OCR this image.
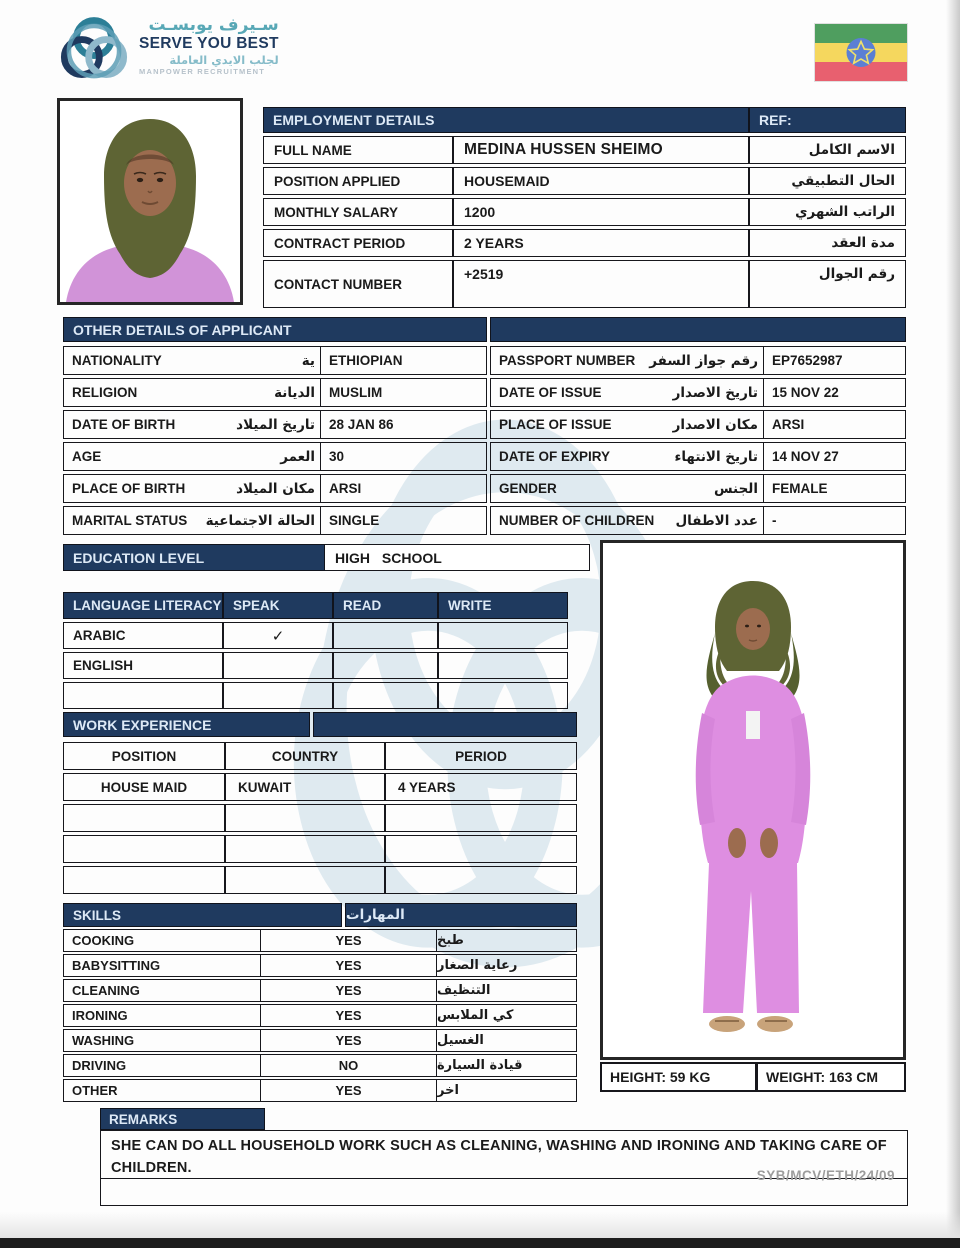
سـيرف يوبسـت
SERVE YOU BEST
لجلب الايدي العاملة
MANPOWER RECRUITMENT
EMPLOYMENT DETAILS		REF:
FULL NAME	MEDINA HUSSEN SHEIMO	الاسم الكامل
POSITION APPLIED	HOUSEMAID	الحال التطبيقي
MONTHLY SALARY	1200	الراتب الشهري
CONTRACT PERIOD	2 YEARS	مدة العقد
CONTACT NUMBER	+2519	رقم الجوال
OTHER DETAILS OF APPLICANT
NATIONALITY	ية	ETHIOPIAN
RELIGION	الديانة	MUSLIM
DATE OF BIRTH	تاريخ الميلاد	28 JAN 86
AGE	العمر	30
PLACE OF BIRTH	مكان الميلاد	ARSI
MARITAL STATUS الحالة الاجتماعية	SINGLE
PASSPORT NUMBER رقم جواز السفر	EP7652987
DATE OF ISSUE	تاريخ الاصدار	15 NOV 22
PLACE OF ISSUE	مكان الاصدار	ARSI
DATE OF EXPIRY	تاريخ الانتهاء	14 NOV 27
GENDER	الجنس	FEMALE
NUMBER OF CHILDREN عدد الاطفال	-
EDUCATION LEVEL	HIGH SCHOOL
LANGUAGE LITERACY	SPEAK	READ	WRITE
ARABIC	✓		
ENGLISH			

WORK EXPERIENCE
POSITION	COUNTRY	PERIOD
HOUSE MAID	KUWAIT	4 YEARS

SKILLS	المهارات
COOKING	YES	طبخ
BABYSITTING	YES	رعاية الصغار
CLEANING	YES	التنظيف
IRONING	YES	كي الملابس
WASHING	YES	الغسيل
DRIVING	NO	قيادة السيارة
OTHER	YES	اخر
HEIGHT: 59 KG	WEIGHT: 163 CM
REMARKS
SHE CAN DO ALL HOUSEHOLD WORK SUCH AS CLEANING, WASHING AND IRONING AND TAKING CARE OF CHILDREN.	SYB/MCV/ETH/24/09
